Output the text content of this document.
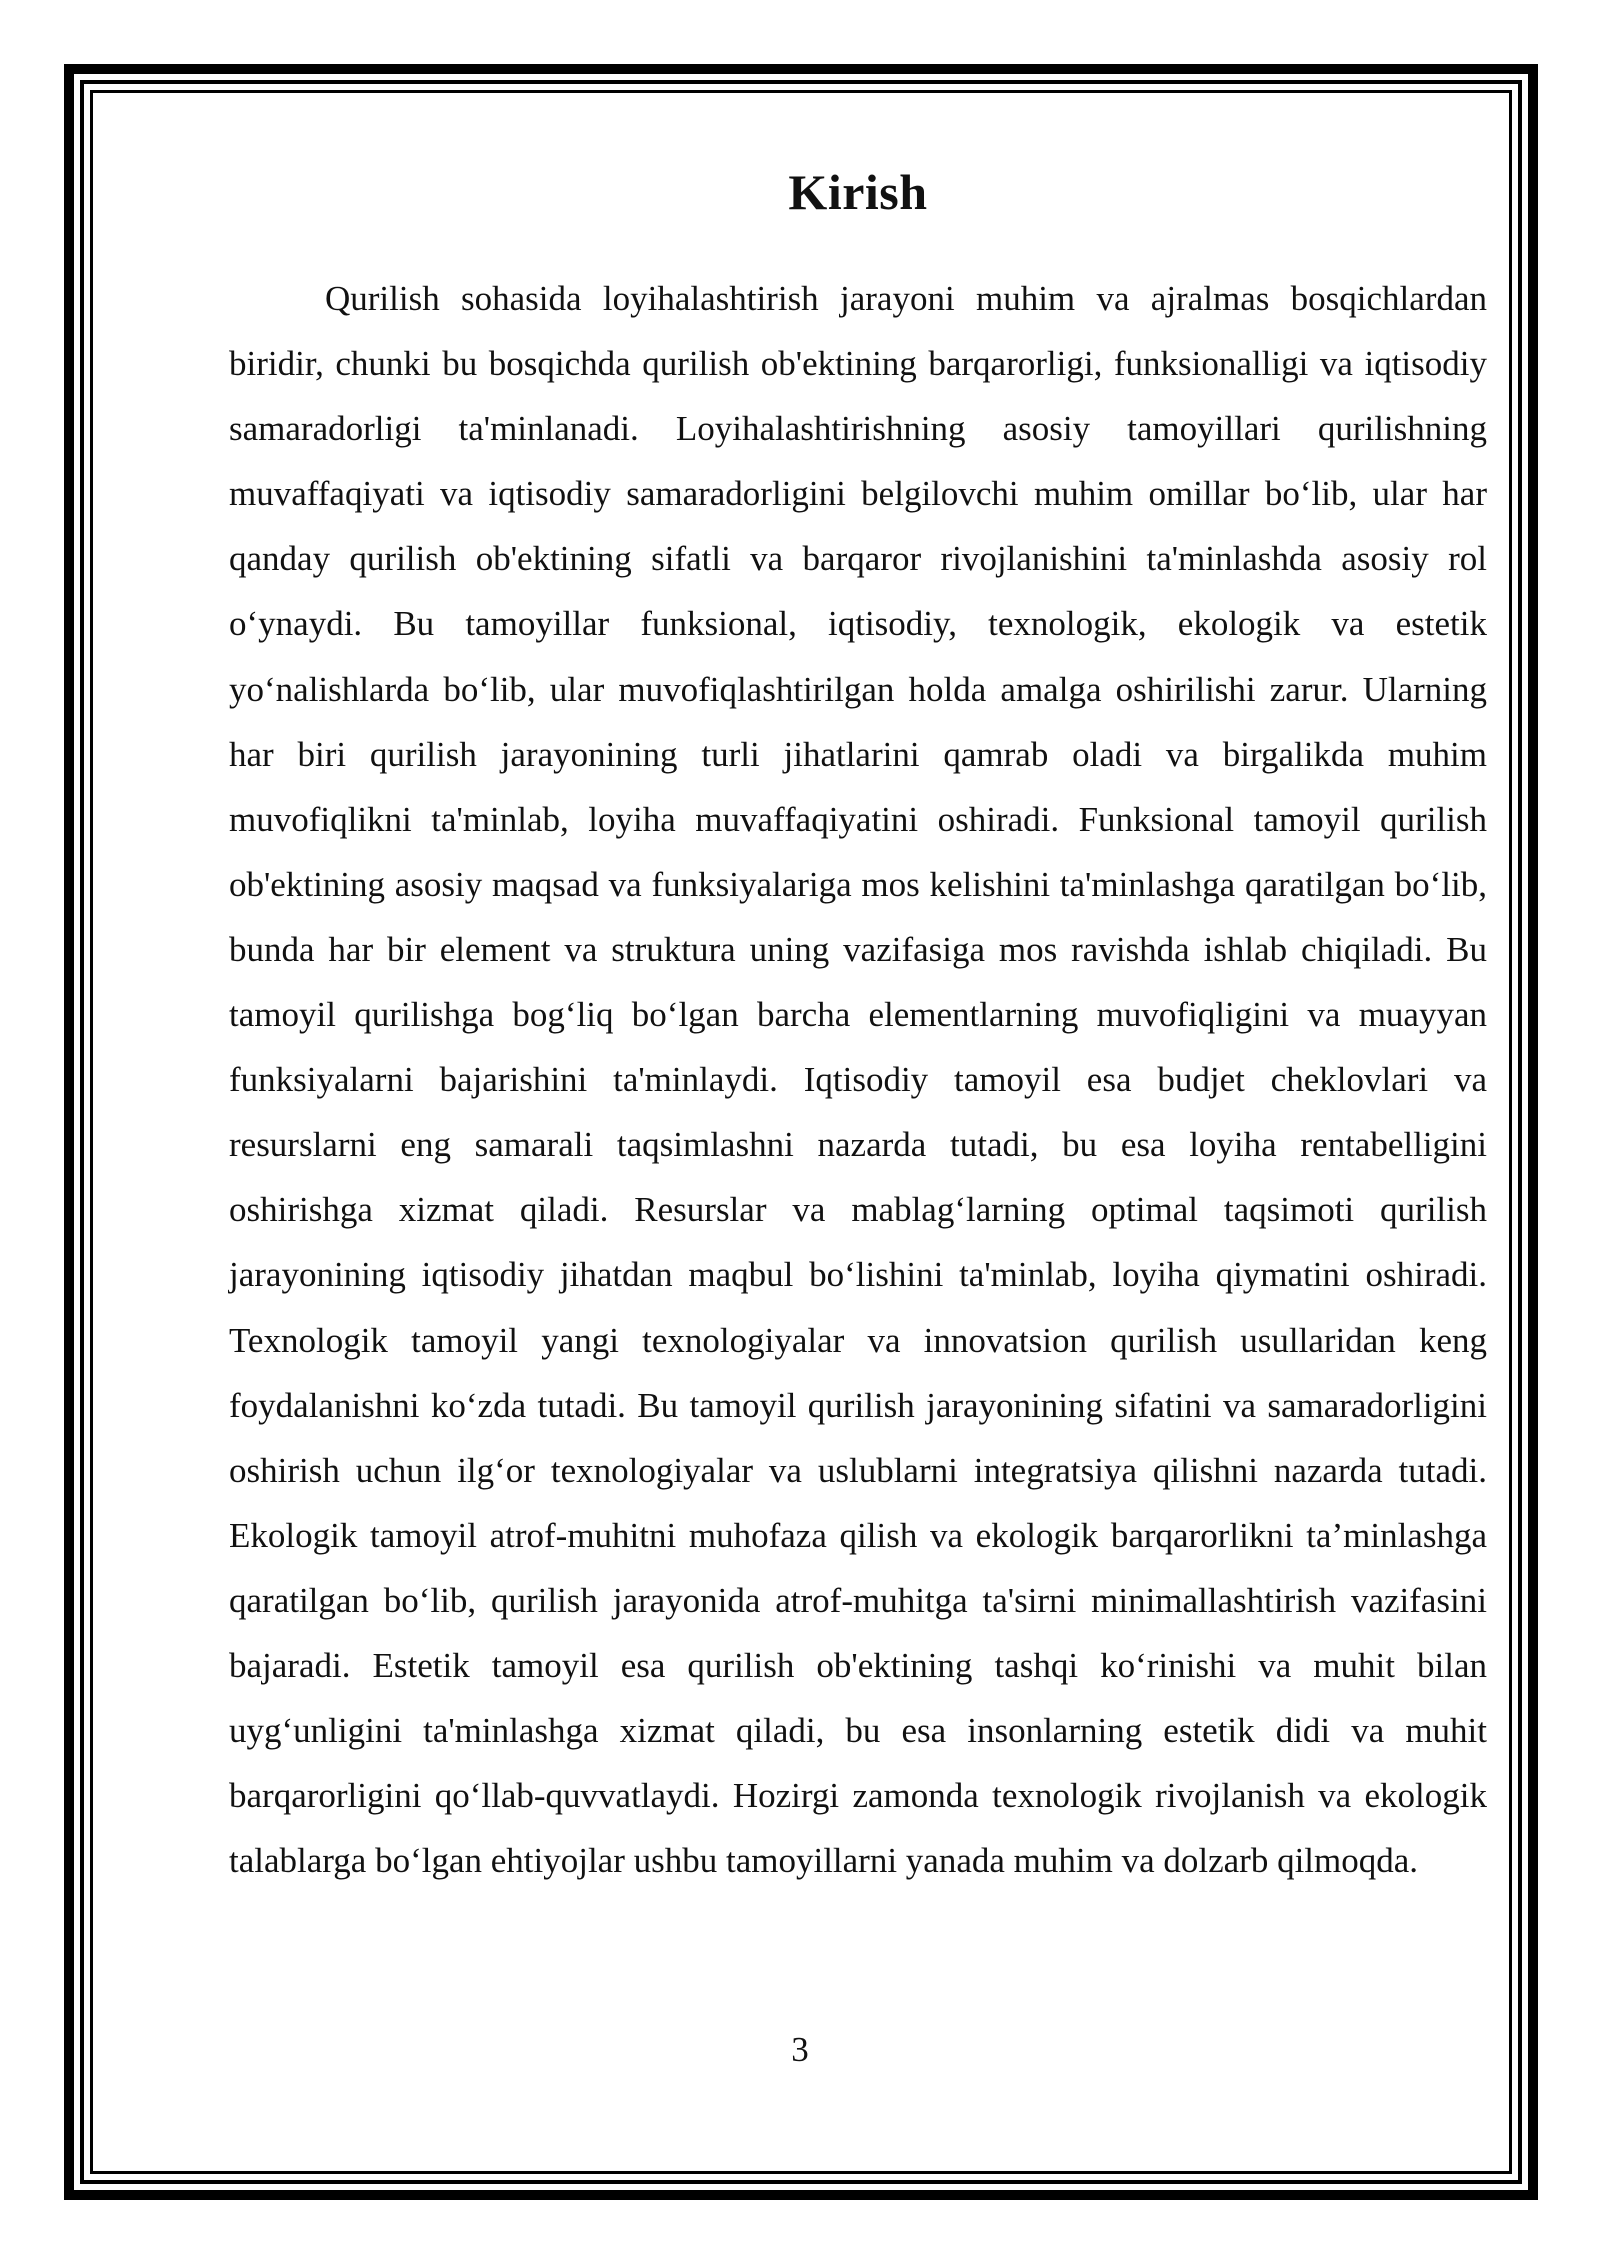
Kirish

Qurilish sohasida loyihalashtirish jarayoni muhim va ajralmas bosqichlardan biridir, chunki bu bosqichda qurilish ob'ektining barqarorligi, funksionalligi va iqtisodiy samaradorligi ta'minlanadi. Loyihalashtirishning asosiy tamoyillari qurilishning muvaffaqiyati va iqtisodiy samaradorligini belgilovchi muhim omillar bo‘lib, ular har qanday qurilish ob'ektining sifatli va barqaror rivojlanishini ta'minlashda asosiy rol o‘ynaydi. Bu tamoyillar funksional, iqtisodiy, texnologik, ekologik va estetik yo‘nalishlarda bo‘lib, ular muvofiqlashtirilgan holda amalga oshirilishi zarur. Ularning har biri qurilish jarayonining turli jihatlarini qamrab oladi va birgalikda muhim muvofiqlikni ta'minlab, loyiha muvaffaqiyatini oshiradi. Funksional tamoyil qurilish ob'ektining asosiy maqsad va funksiyalariga mos kelishini ta'minlashga qaratilgan bo‘lib, bunda har bir element va struktura uning vazifasiga mos ravishda ishlab chiqiladi. Bu tamoyil qurilishga bog‘liq bo‘lgan barcha elementlarning muvofiqligini va muayyan funksiyalarni bajarishini ta'minlaydi. Iqtisodiy tamoyil esa budjet cheklovlari va resurslarni eng samarali taqsimlashni nazarda tutadi, bu esa loyiha rentabelligini oshirishga xizmat qiladi. Resurslar va mablag‘larning optimal taqsimoti qurilish jarayonining iqtisodiy jihatdan maqbul bo‘lishini ta'minlab, loyiha qiymatini oshiradi. Texnologik tamoyil yangi texnologiyalar va innovatsion qurilish usullaridan keng foydalanishni ko‘zda tutadi. Bu tamoyil qurilish jarayonining sifatini va samaradorligini oshirish uchun ilg‘or texnologiyalar va uslublarni integratsiya qilishni nazarda tutadi. Ekologik tamoyil atrof-muhitni muhofaza qilish va ekologik barqarorlikni ta’minlashga qaratilgan bo‘lib, qurilish jarayonida atrof-muhitga ta'sirni minimallashtirish vazifasini bajaradi. Estetik tamoyil esa qurilish ob'ektining tashqi ko‘rinishi va muhit bilan uyg‘unligini ta'minlashga xizmat qiladi, bu esa insonlarning estetik didi va muhit barqarorligini qo‘llab-quvvatlaydi. Hozirgi zamonda texnologik rivojlanish va ekologik talablarga bo‘lgan ehtiyojlar ushbu tamoyillarni yanada muhim va dolzarb qilmoqda.

3
